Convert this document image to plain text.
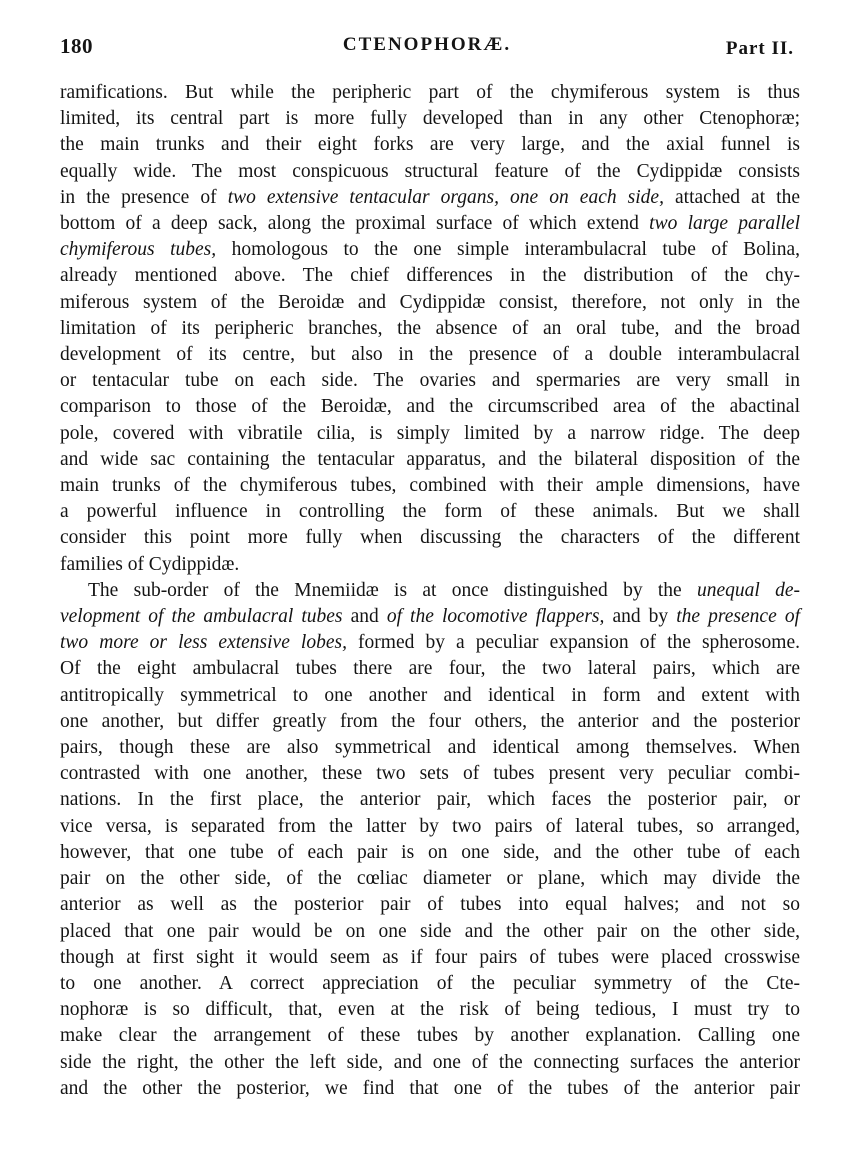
180	CTENOPHORÆ.	Part II.
ramifications. But while the peripheric part of the chymiferous system is thus
limited, its central part is more fully developed than in any other Ctenophoræ;
the main trunks and their eight forks are very large, and the axial funnel is
equally wide. The most conspicuous structural feature of the Cydippidæ consists
in the presence of two extensive tentacular organs, one on each side, attached at the
bottom of a deep sack, along the proximal surface of which extend two large parallel
chymiferous tubes, homologous to the one simple interambulacral tube of Bolina,
already mentioned above. The chief differences in the distribution of the chy-
miferous system of the Beroidæ and Cydippidæ consist, therefore, not only in the
limitation of its peripheric branches, the absence of an oral tube, and the broad
development of its centre, but also in the presence of a double interambulacral
or tentacular tube on each side. The ovaries and spermaries are very small in
comparison to those of the Beroidæ, and the circumscribed area of the abactinal
pole, covered with vibratile cilia, is simply limited by a narrow ridge. The deep
and wide sac containing the tentacular apparatus, and the bilateral disposition of the
main trunks of the chymiferous tubes, combined with their ample dimensions, have
a powerful influence in controlling the form of these animals. But we shall
consider this point more fully when discussing the characters of the different
families of Cydippidæ.
The sub-order of the Mnemiidæ is at once distinguished by the unequal de-
velopment of the ambulacral tubes and of the locomotive flappers, and by the presence of
two more or less extensive lobes, formed by a peculiar expansion of the spherosome.
Of the eight ambulacral tubes there are four, the two lateral pairs, which are
antitropically symmetrical to one another and identical in form and extent with
one another, but differ greatly from the four others, the anterior and the posterior
pairs, though these are also symmetrical and identical among themselves. When
contrasted with one another, these two sets of tubes present very peculiar combi-
nations. In the first place, the anterior pair, which faces the posterior pair, or
vice versa, is separated from the latter by two pairs of lateral tubes, so arranged,
however, that one tube of each pair is on one side, and the other tube of each
pair on the other side, of the cœliac diameter or plane, which may divide the
anterior as well as the posterior pair of tubes into equal halves; and not so
placed that one pair would be on one side and the other pair on the other side,
though at first sight it would seem as if four pairs of tubes were placed crosswise
to one another. A correct appreciation of the peculiar symmetry of the Cte-
nophoræ is so difficult, that, even at the risk of being tedious, I must try to
make clear the arrangement of these tubes by another explanation. Calling one
side the right, the other the left side, and one of the connecting surfaces the anterior
and the other the posterior, we find that one of the tubes of the anterior pair
